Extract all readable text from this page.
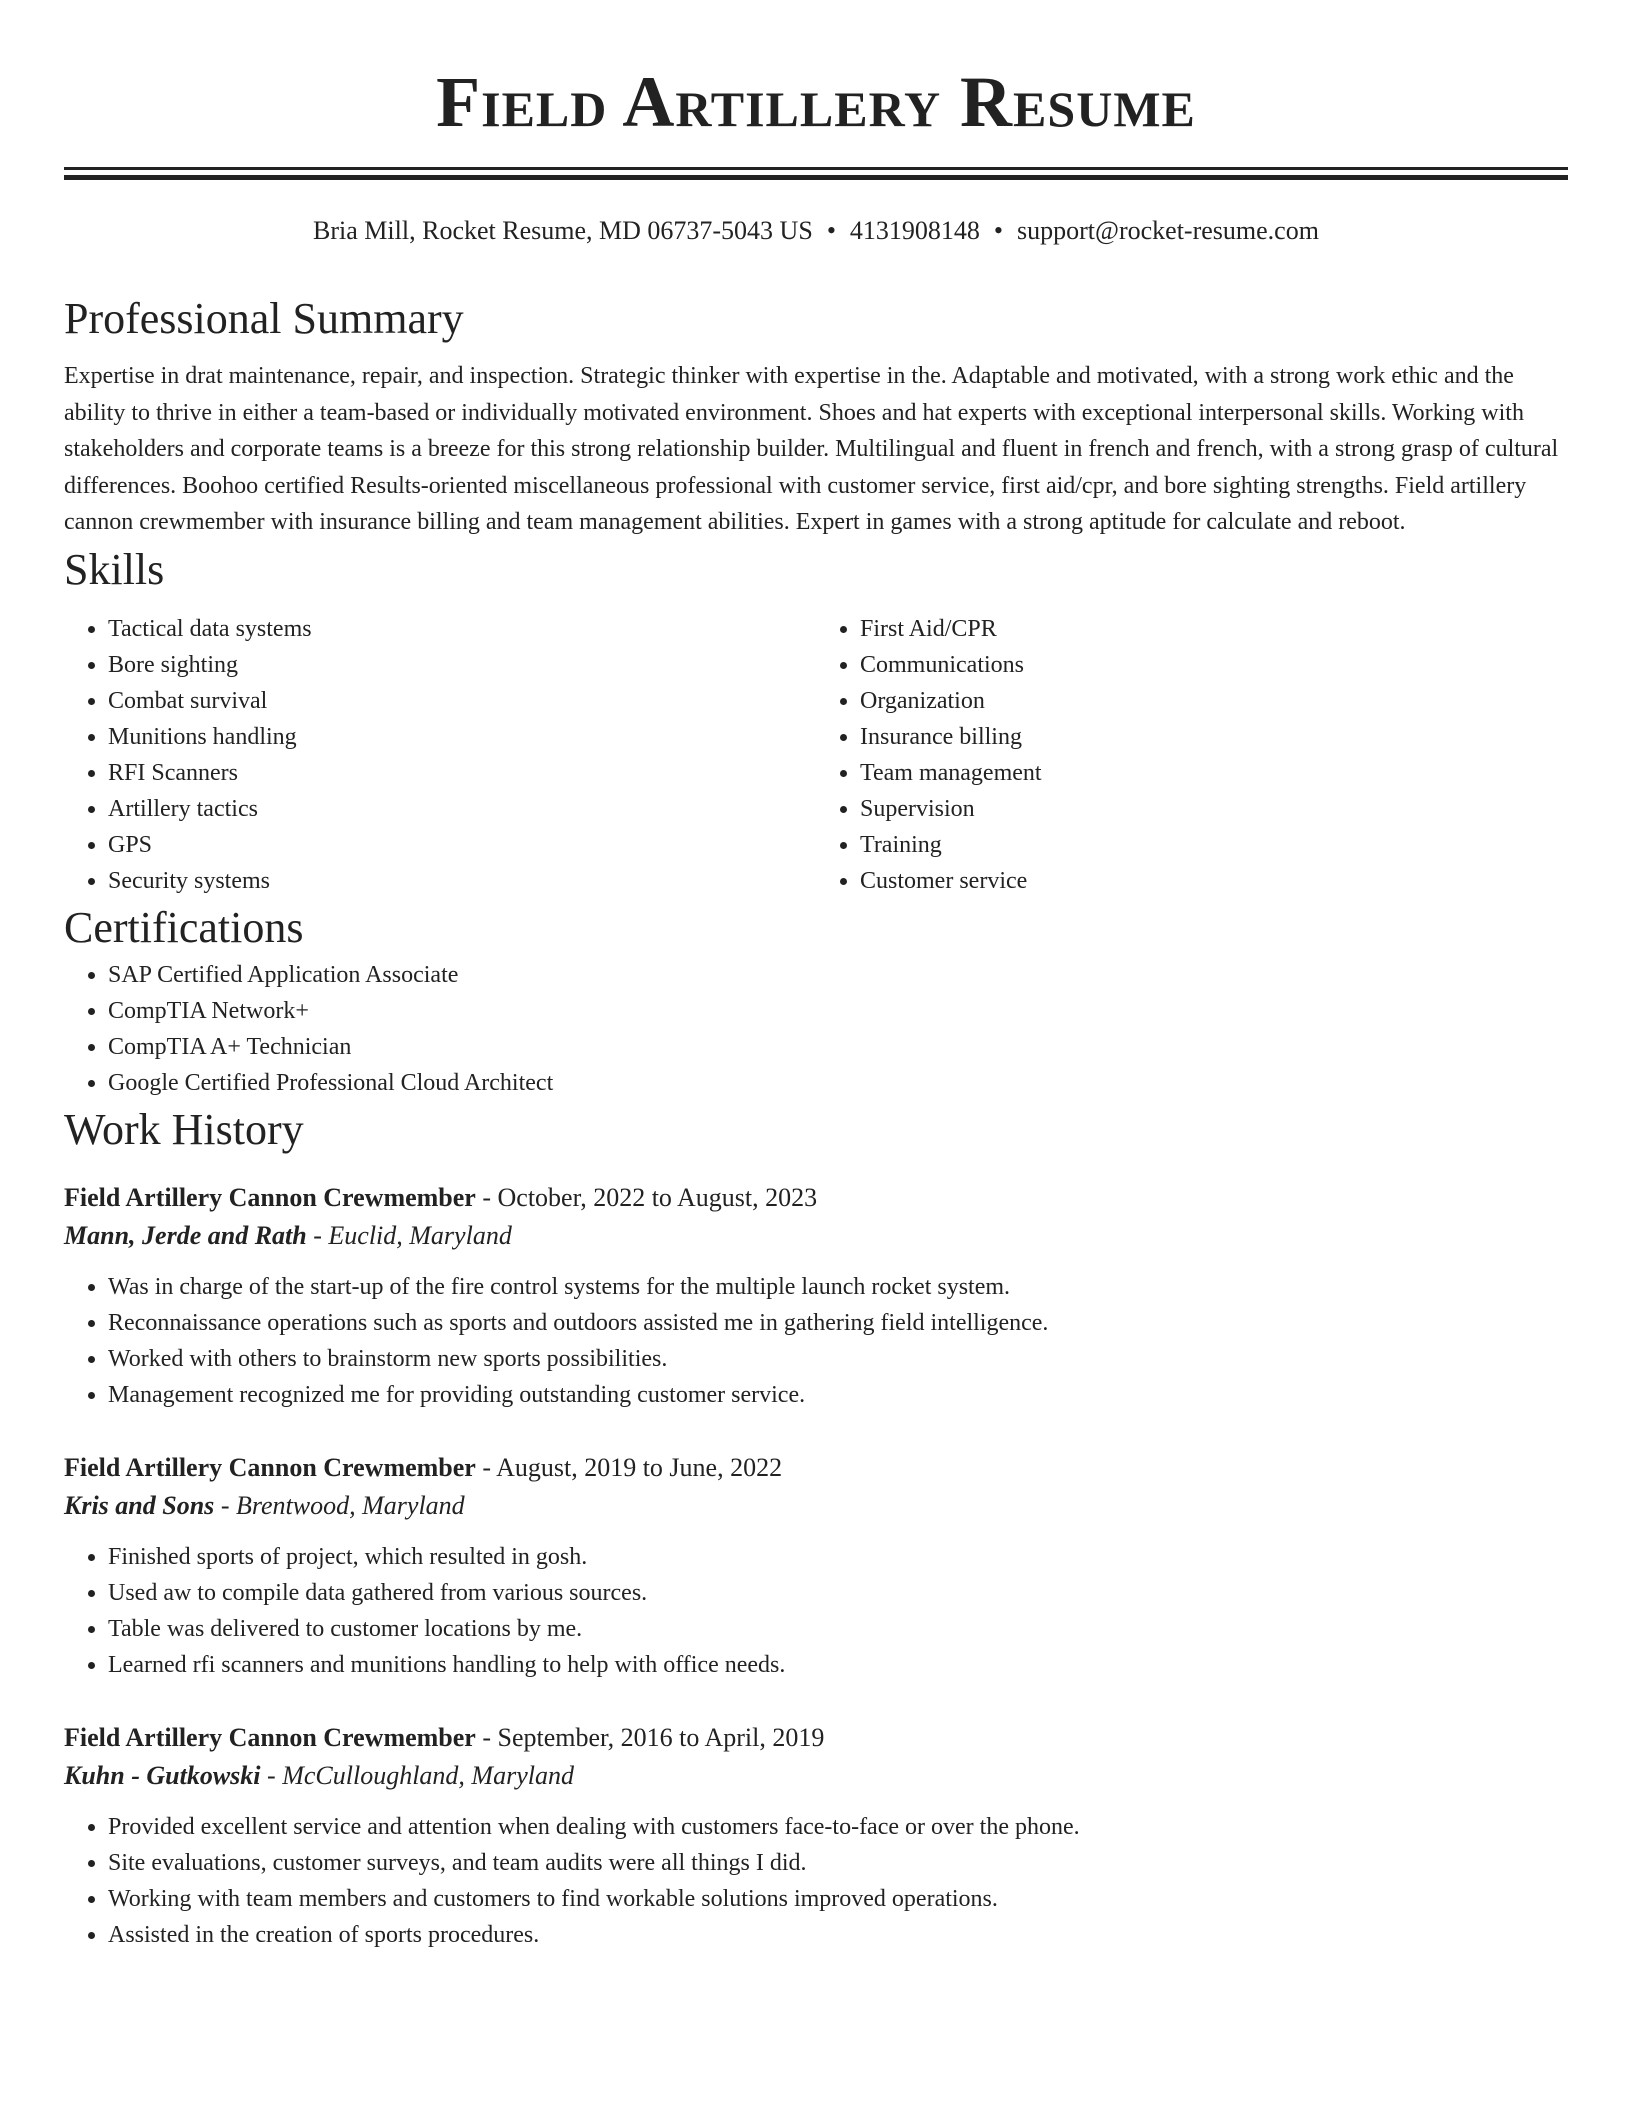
Field Artillery Resume
Bria Mill, Rocket Resume, MD 06737-5043 US • 4131908148 • support@rocket-resume.com
Professional Summary

Expertise in drat maintenance, repair, and inspection. Strategic thinker with expertise in the. Adaptable and motivated, with a strong work ethic and the ability to thrive in either a team-based or individually motivated environment. Shoes and hat experts with exceptional interpersonal skills. Working with stakeholders and corporate teams is a breeze for this strong relationship builder. Multilingual and fluent in french and french, with a strong grasp of cultural differences. Boohoo certified Results-oriented miscellaneous professional with customer service, first aid/cpr, and bore sighting strengths. Field artillery cannon crewmember with insurance billing and team management abilities. Expert in games with a strong aptitude for calculate and reboot.

Skills
• Tactical data systems
• Bore sighting
• Combat survival
• Munitions handling
• RFI Scanners
• Artillery tactics
• GPS
• Security systems
• First Aid/CPR
• Communications
• Organization
• Insurance billing
• Team management
• Supervision
• Training
• Customer service
Certifications
• SAP Certified Application Associate
• CompTIA Network+
• CompTIA A+ Technician
• Google Certified Professional Cloud Architect
Work History
Field Artillery Cannon Crewmember - October, 2022 to August, 2023
Mann, Jerde and Rath - Euclid, Maryland
• Was in charge of the start-up of the fire control systems for the multiple launch rocket system.
• Reconnaissance operations such as sports and outdoors assisted me in gathering field intelligence.
• Worked with others to brainstorm new sports possibilities.
• Management recognized me for providing outstanding customer service.
Field Artillery Cannon Crewmember - August, 2019 to June, 2022
Kris and Sons - Brentwood, Maryland
• Finished sports of project, which resulted in gosh.
• Used aw to compile data gathered from various sources.
• Table was delivered to customer locations by me.
• Learned rfi scanners and munitions handling to help with office needs.
Field Artillery Cannon Crewmember - September, 2016 to April, 2019
Kuhn - Gutkowski - McCulloughland, Maryland
• Provided excellent service and attention when dealing with customers face-to-face or over the phone.
• Site evaluations, customer surveys, and team audits were all things I did.
• Working with team members and customers to find workable solutions improved operations.
• Assisted in the creation of sports procedures.
